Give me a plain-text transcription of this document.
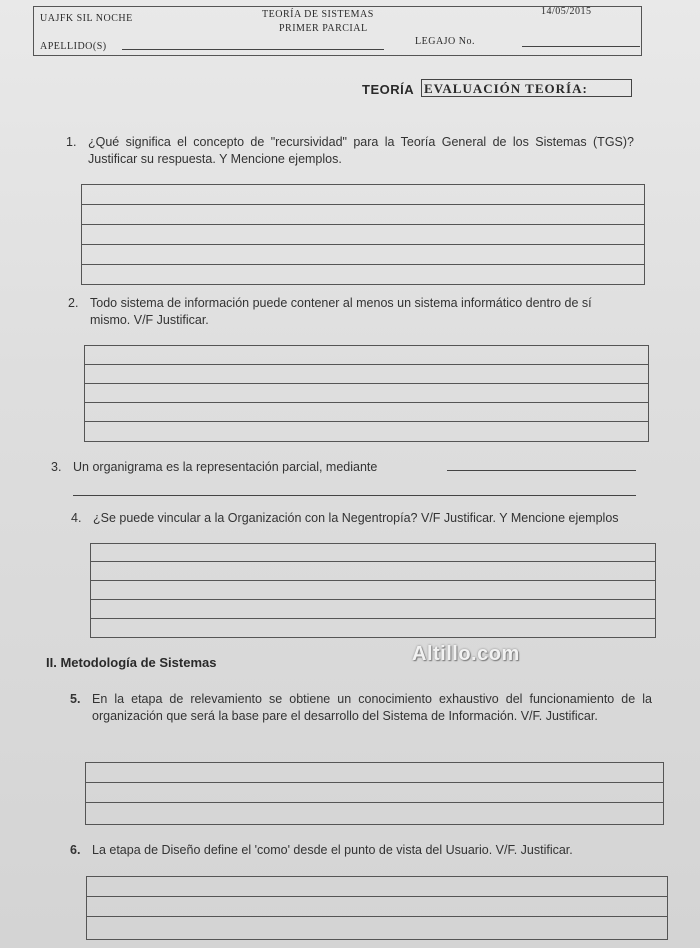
UAJFK SIL NOCHE	TEORÍA DE SISTEMAS
PRIMER PARCIAL
14/05/2015
APELLIDO(S)	LEGAJO No.
TEORÍA EVALUACIÓN TEORÍA:
1. ¿Qué significa el concepto de "recursividad" para la Teoría General de los Sistemas (TGS)? Justificar su respuesta. Y Mencione ejemplos.
2. Todo sistema de información puede contener al menos un sistema informático dentro de sí mismo. V/F Justificar.
3. Un organigrama es la representación parcial, mediante
4. ¿Se puede vincular a la Organización con la Negentropía? V/F Justificar. Y Mencione ejemplos
II. Metodología de Sistemas	Altillo.com
5. En la etapa de relevamiento se obtiene un conocimiento exhaustivo del funcionamiento de la organización que será la base pare el desarrollo del Sistema de Información. V/F. Justificar.
6. La etapa de Diseño define el 'como' desde el punto de vista del Usuario. V/F. Justificar.
